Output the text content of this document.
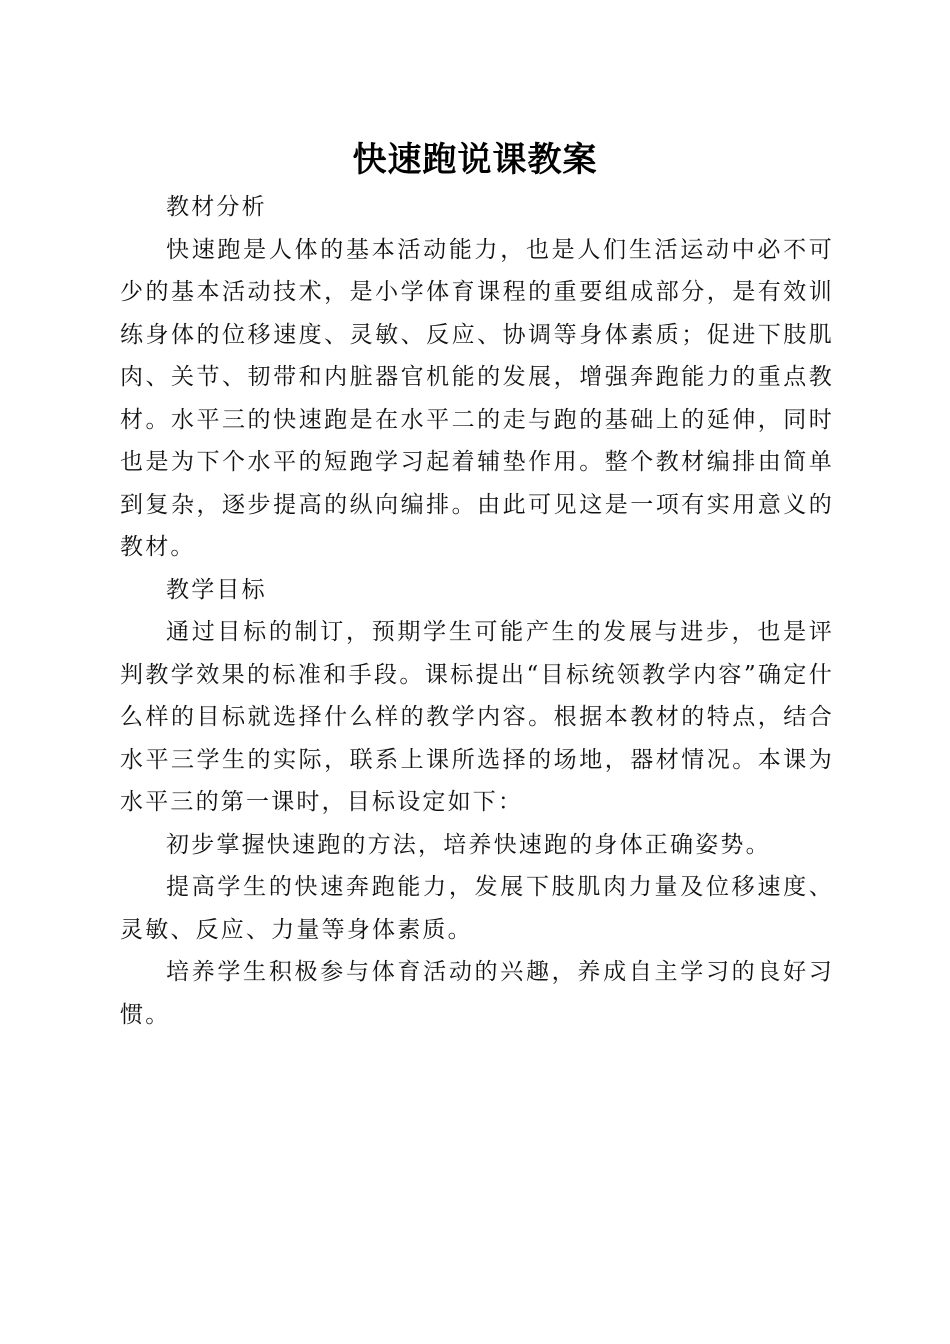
快速跑说课教案

教材分析

快速跑是人体的基本活动能力，也是人们生活运动中必不可少的基本活动技术，是小学体育课程的重要组成部分，是有效训练身体的位移速度、灵敏、反应、协调等身体素质；促进下肢肌肉、关节、韧带和内脏器官机能的发展，增强奔跑能力的重点教材。水平三的快速跑是在水平二的走与跑的基础上的延伸，同时也是为下个水平的短跑学习起着辅垫作用。整个教材编排由简单到复杂，逐步提高的纵向编排。由此可见这是一项有实用意义的教材。

教学目标

通过目标的制订，预期学生可能产生的发展与进步，也是评判教学效果的标准和手段。课标提出“目标统领教学内容”确定什么样的目标就选择什么样的教学内容。根据本教材的特点，结合水平三学生的实际，联系上课所选择的场地，器材情况。本课为水平三的第一课时，目标设定如下：

初步掌握快速跑的方法，培养快速跑的身体正确姿势。

提高学生的快速奔跑能力，发展下肢肌肉力量及位移速度、灵敏、反应、力量等身体素质。

培养学生积极参与体育活动的兴趣，养成自主学习的良好习惯。
